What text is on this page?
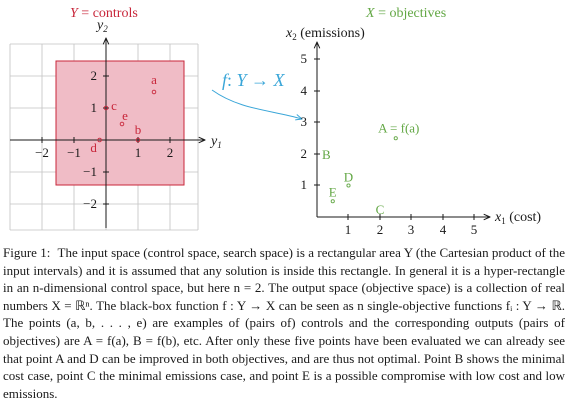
−2 −1	1 2
2
1
−1
−2
$y_1$
$y_2$
Y = controls
a
b
c
d
e
f: Y → X
X = objectives
1 2 3 4 5
1
2
3
4
5
$x_1$ (cost)
$x_2$ (emissions)
A = f(a)
B
C
D
E
Figure 1: The input space (control space, search space) is a rectangular area Y (the Cartesian product of the input intervals) and it is assumed that any solution is inside this rectangle. In general it is a hyper-rectangle in an n-dimensional control space, but here n = 2. The output space (objective space) is a collection of real numbers X = ℝⁿ. The black-box function f : Y → X can be seen as n single-objective functions fᵢ : Y → ℝ. The points (a, b, . . . , e) are examples of (pairs of) controls and the corresponding outputs (pairs of objectives) are A = f(a), B = f(b), etc. After only these five points have been evaluated we can already see that point A and D can be improved in both objectives, and are thus not optimal. Point B shows the minimal cost case, point C the minimal emissions case, and point E is a possible compromise with low cost and low emissions.
